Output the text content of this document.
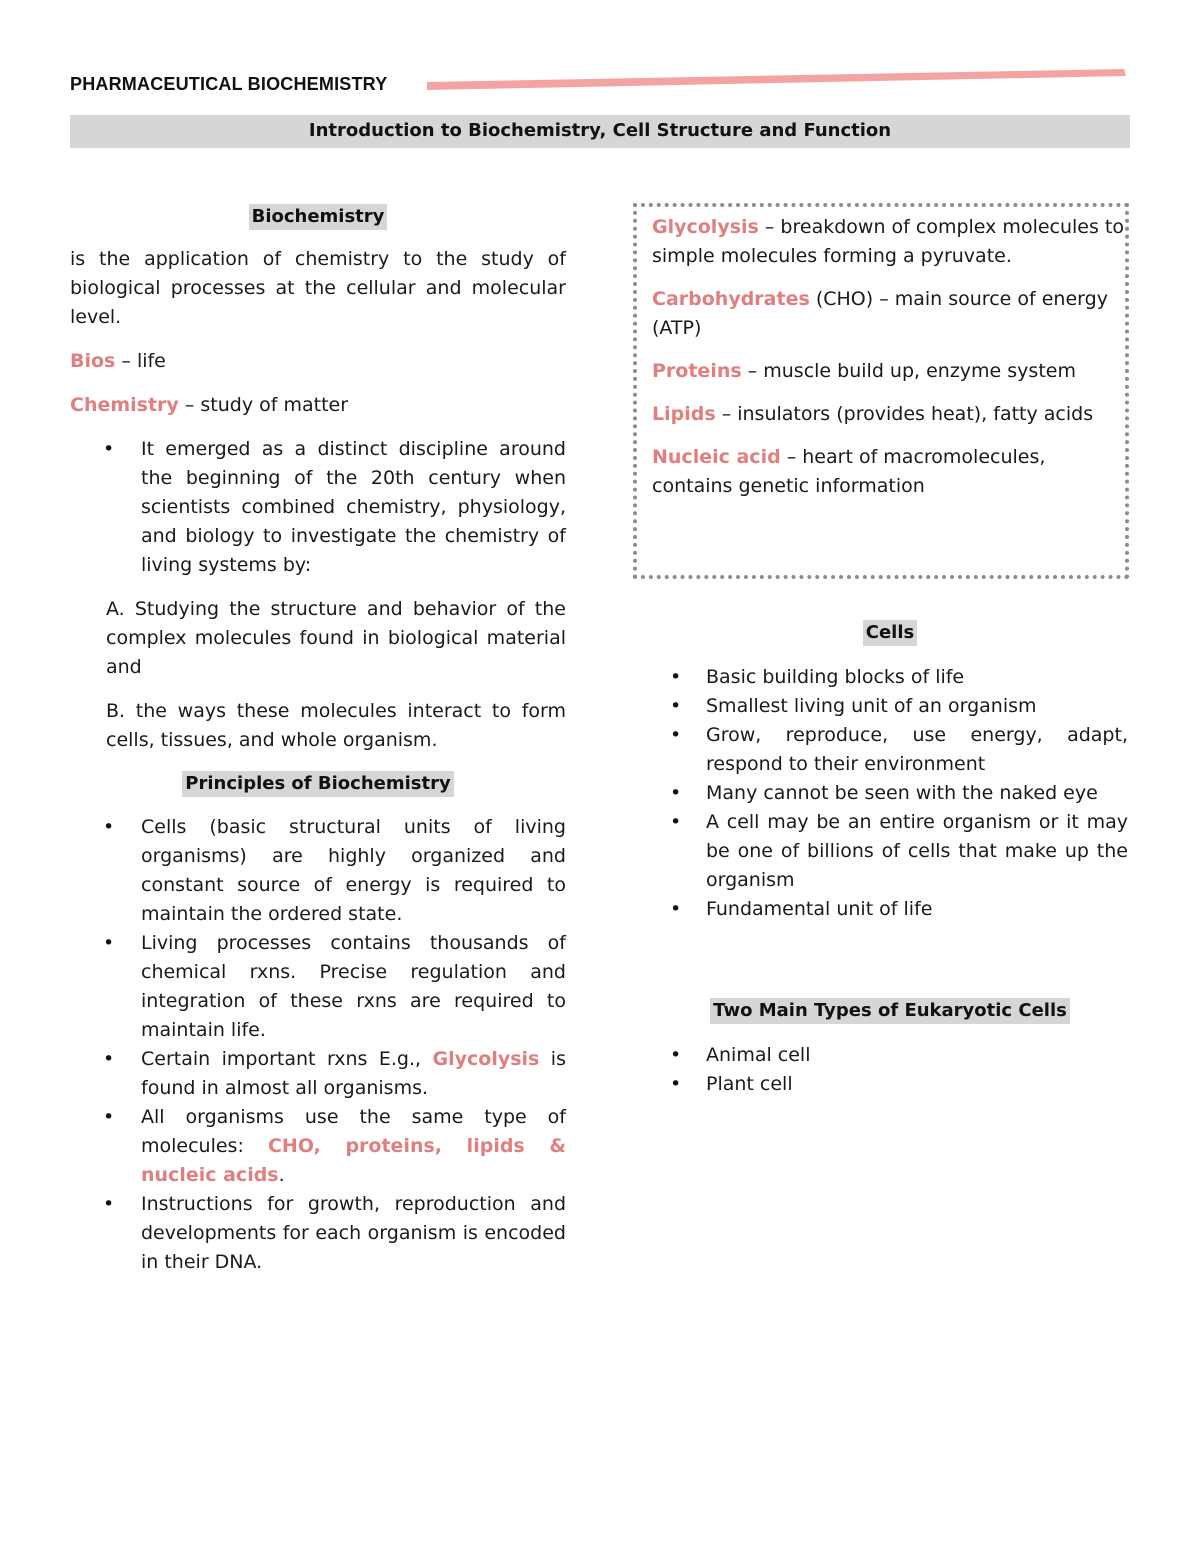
PHARMACEUTICAL BIOCHEMISTRY
Introduction to Biochemistry, Cell Structure and Function

Biochemistry

is the application of chemistry to the study of biological processes at the cellular and molecular level.

Bios – life

Chemistry – study of matter

• It emerged as a distinct discipline around the beginning of the 20th century when scientists combined chemistry, physiology, and biology to investigate the chemistry of living systems by:

A. Studying the structure and behavior of the complex molecules found in biological material and

B. the ways these molecules interact to form cells, tissues, and whole organism.

Principles of Biochemistry

• Cells (basic structural units of living organisms) are highly organized and constant source of energy is required to maintain the ordered state.
• Living processes contains thousands of chemical rxns. Precise regulation and integration of these rxns are required to maintain life.
• Certain important rxns E.g., Glycolysis is found in almost all organisms.
• All organisms use the same type of molecules: CHO, proteins, lipids & nucleic acids.
• Instructions for growth, reproduction and developments for each organism is encoded in their DNA.

Glycolysis – breakdown of complex molecules to simple molecules forming a pyruvate.

Carbohydrates (CHO) – main source of energy (ATP)

Proteins – muscle build up, enzyme system

Lipids – insulators (provides heat), fatty acids

Nucleic acid – heart of macromolecules, contains genetic information

Cells

• Basic building blocks of life
• Smallest living unit of an organism
• Grow, reproduce, use energy, adapt, respond to their environment
• Many cannot be seen with the naked eye
• A cell may be an entire organism or it may be one of billions of cells that make up the organism
• Fundamental unit of life

Two Main Types of Eukaryotic Cells

• Animal cell
• Plant cell
